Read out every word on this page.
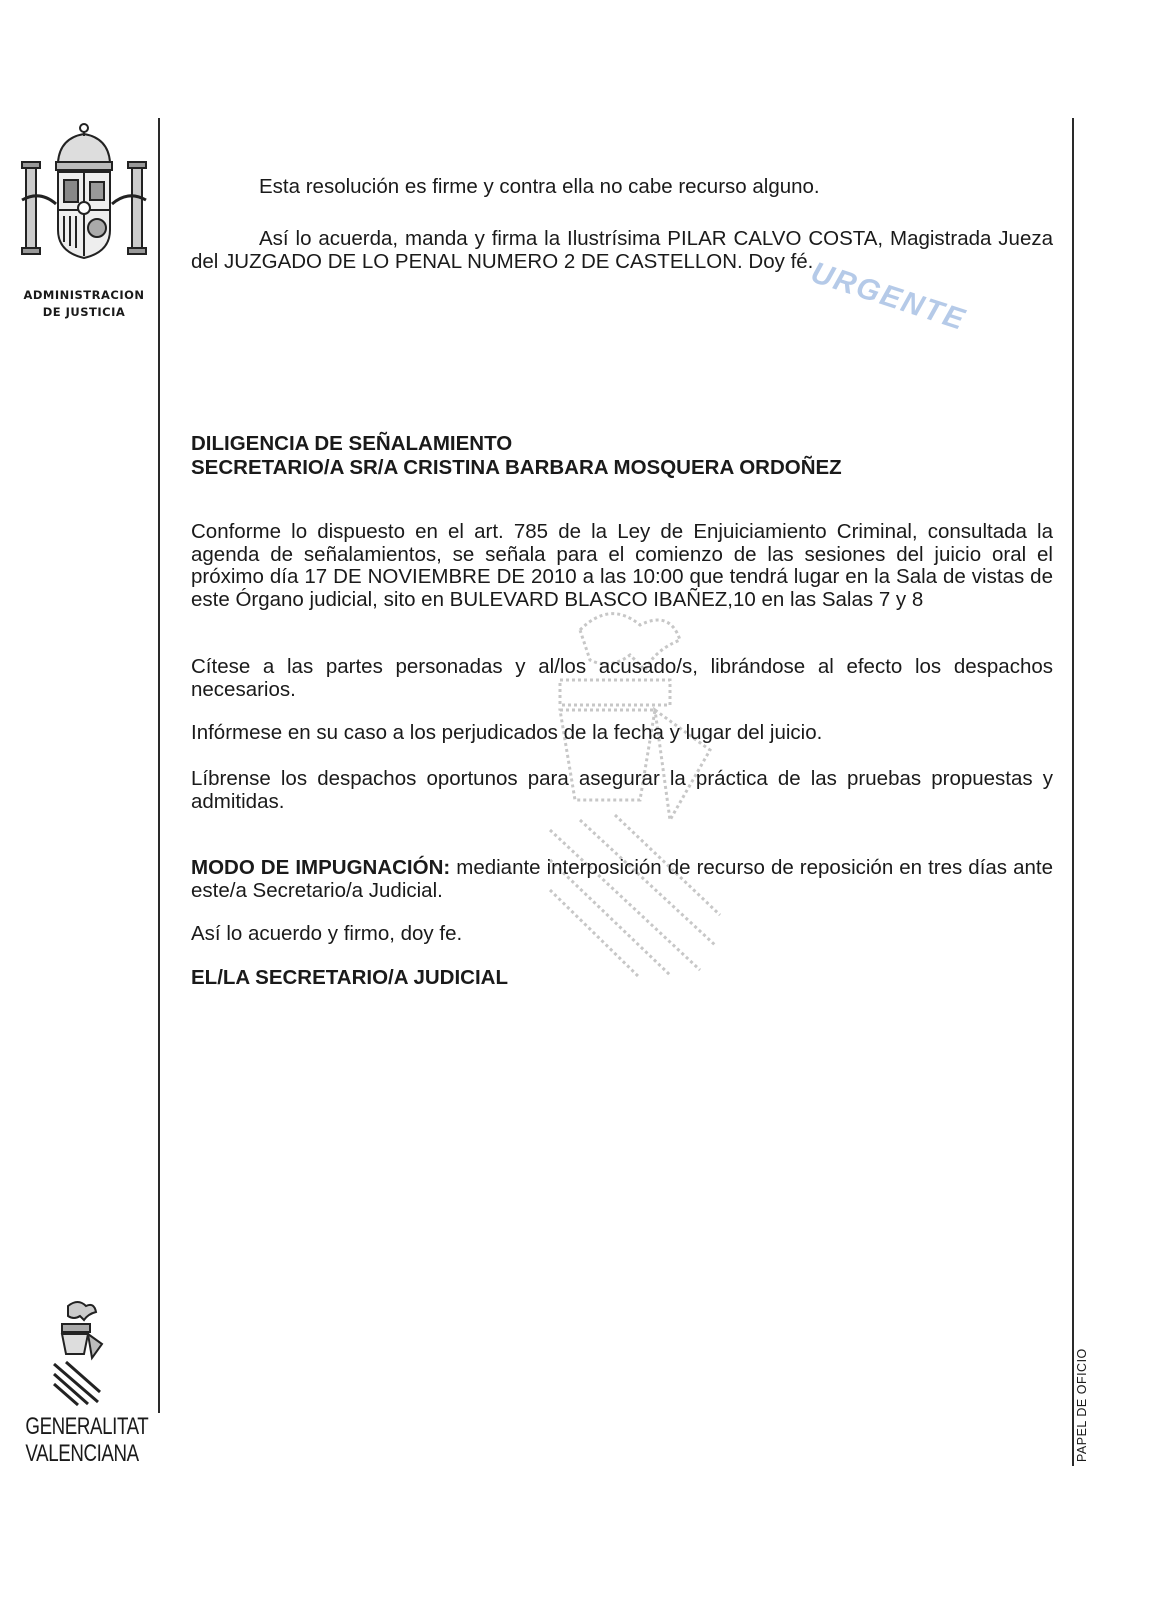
ADMINISTRACION
DE JUSTICIA
GENERALITAT
VALENCIANA	PAPEL DE OFICIO
URGENTE
Esta resolución es firme y contra ella no cabe recurso alguno.
Así lo acuerda, manda y firma la Ilustrísima PILAR CALVO COSTA, Magistrada Jueza del JUZGADO DE LO PENAL NUMERO 2 DE CASTELLON. Doy fé.
DILIGENCIA DE SEÑALAMIENTO
SECRETARIO/A SR/A CRISTINA BARBARA MOSQUERA ORDOÑEZ
Conforme lo dispuesto en el art. 785 de la Ley de Enjuiciamiento Criminal, consultada la agenda de señalamientos, se señala para el comienzo de las sesiones del juicio oral el próximo día 17 DE NOVIEMBRE DE 2010 a las 10:00 que tendrá lugar en la Sala de vistas de este Órgano judicial, sito en BULEVARD BLASCO IBAÑEZ,10 en las Salas 7 y 8
Cítese a las partes personadas y al/los acusado/s, librándose al efecto los despachos necesarios.
Infórmese en su caso a los perjudicados de la fecha y lugar del juicio.
Líbrense los despachos oportunos para asegurar la práctica de las pruebas propuestas y admitidas.
MODO DE IMPUGNACIÓN: mediante interposición de recurso de reposición en tres días ante este/a Secretario/a Judicial.
Así lo acuerdo y firmo, doy fe.
EL/LA SECRETARIO/A JUDICIAL
